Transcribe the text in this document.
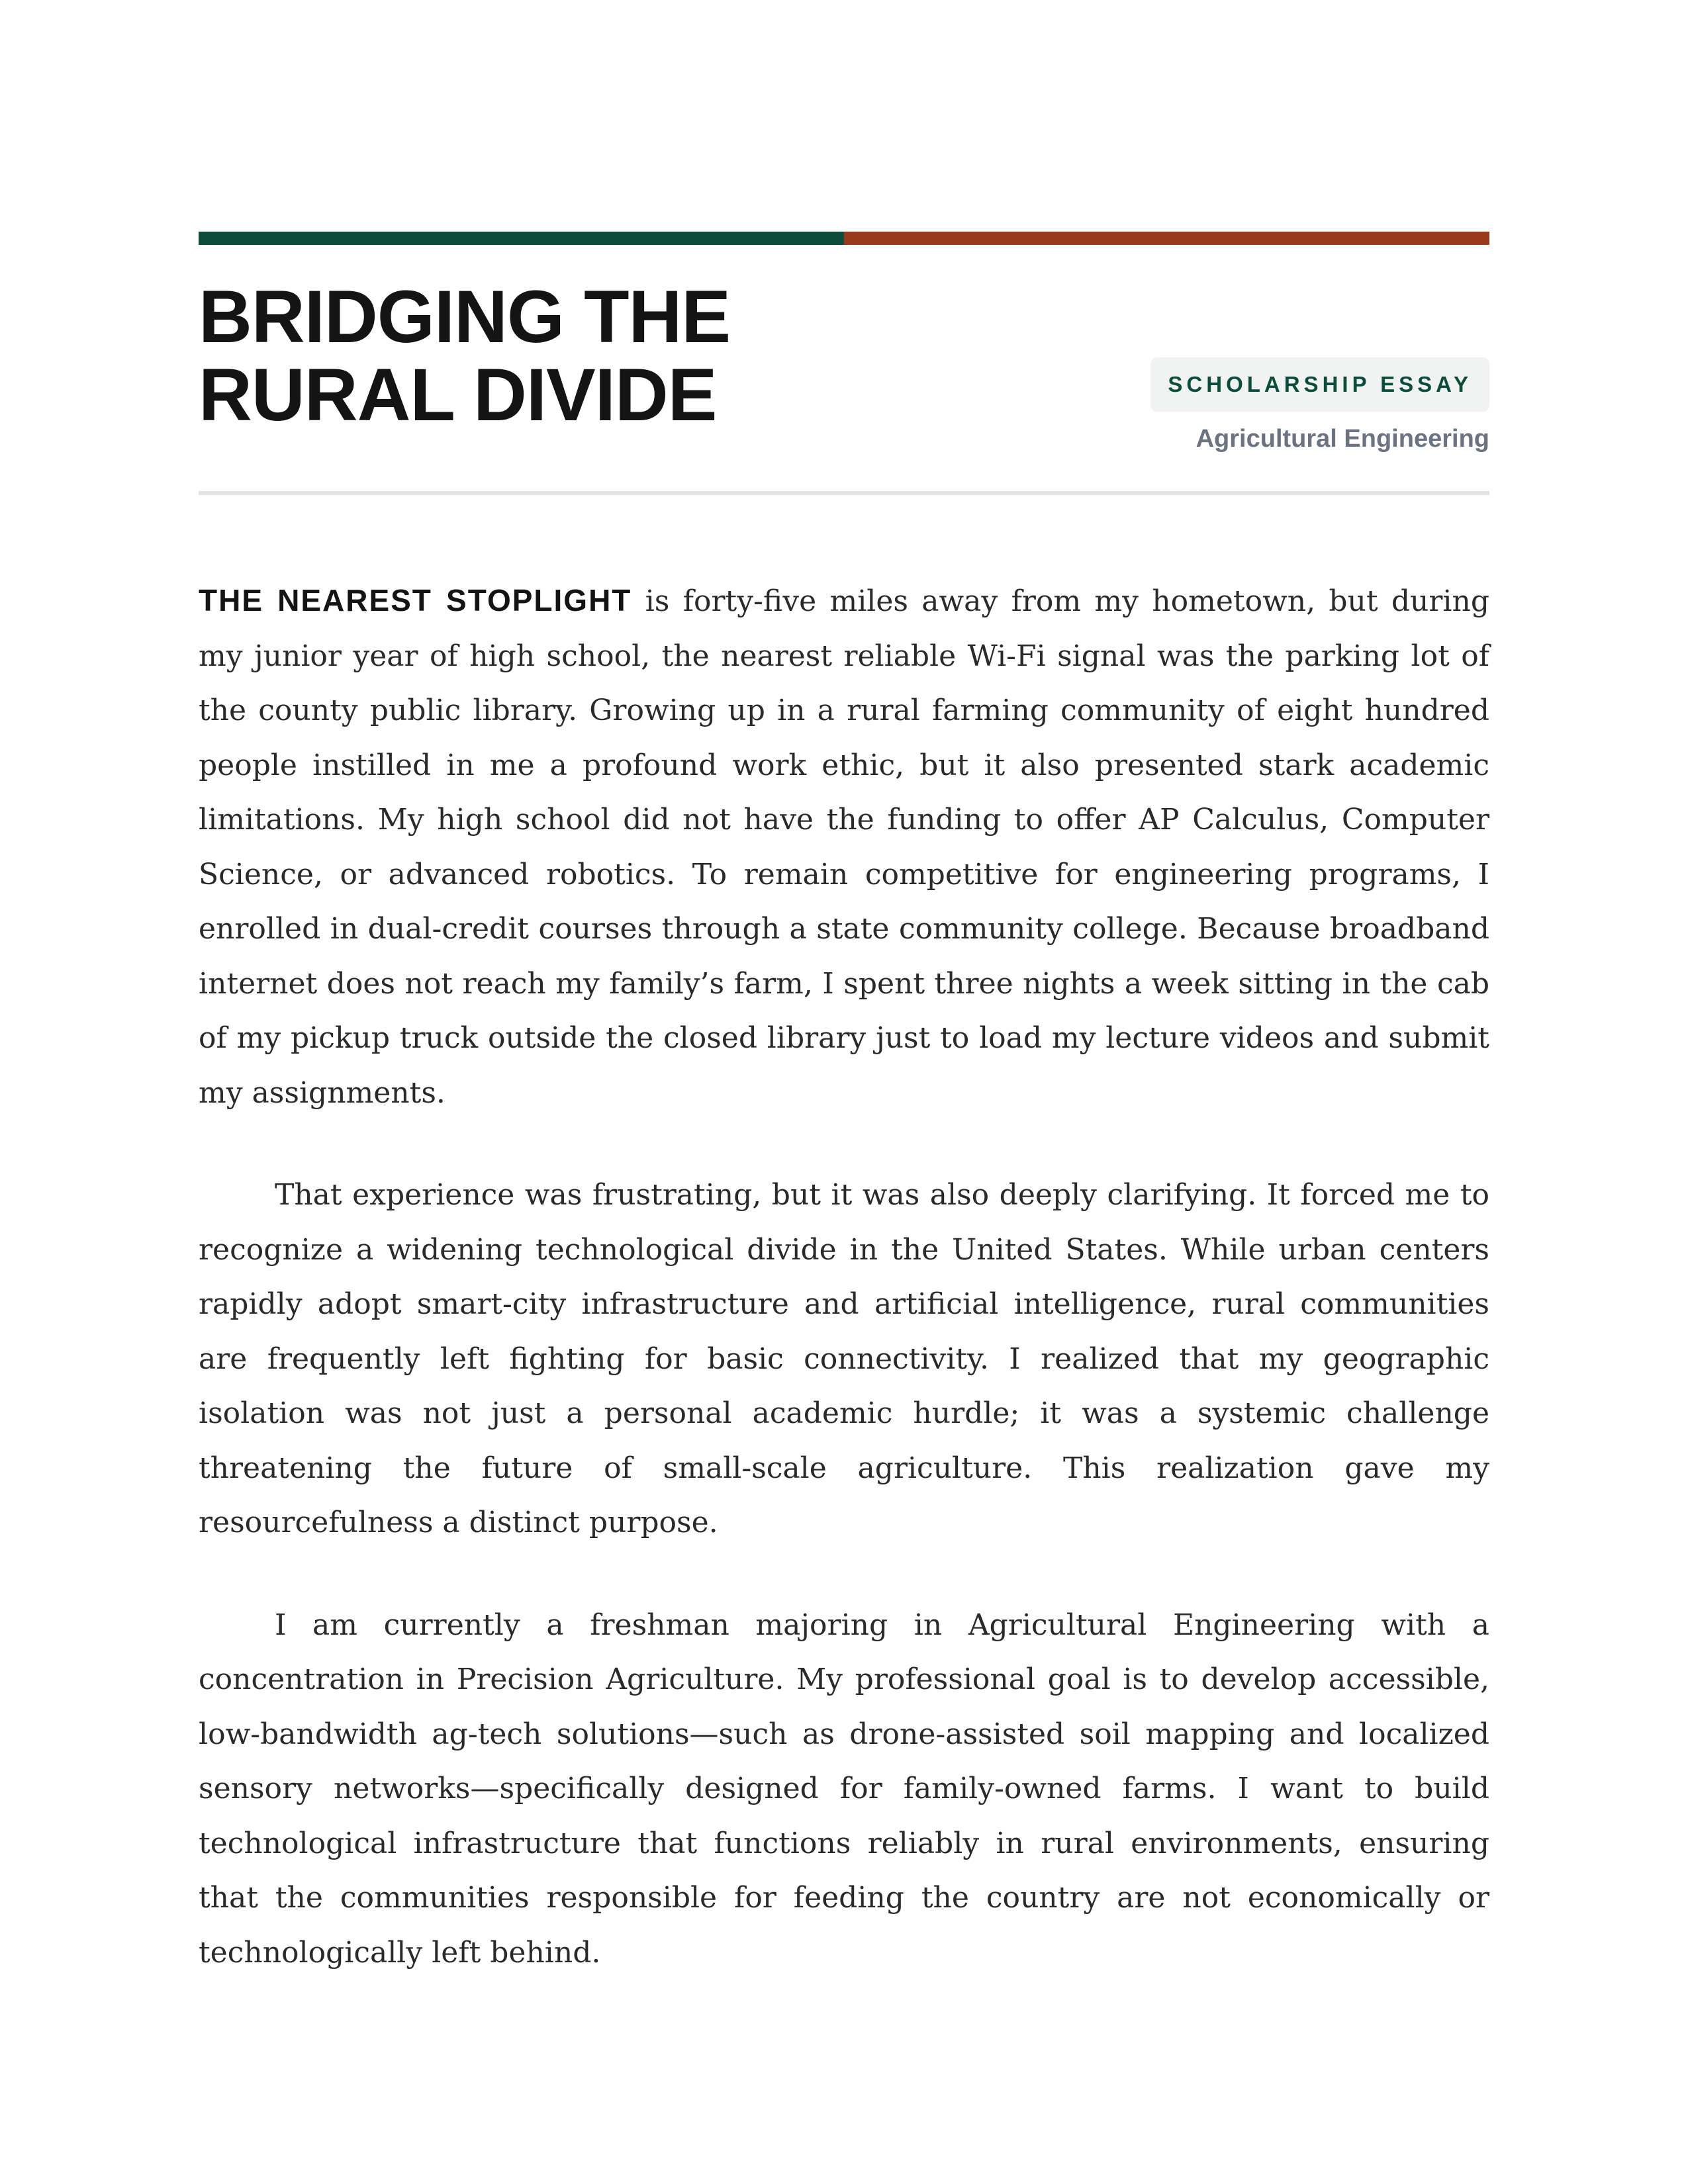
BRIDGING THE
RURAL DIVIDE	SCHOLARSHIP ESSAY
Agricultural Engineering

THE NEAREST STOPLIGHT is forty-five miles away from my hometown, but during my junior year of high school, the nearest reliable Wi-Fi signal was the parking lot of the county public library. Growing up in a rural farming community of eight hundred people instilled in me a profound work ethic, but it also presented stark academic limitations. My high school did not have the funding to offer AP Calculus, Computer Science, or advanced robotics. To remain competitive for engineering programs, I enrolled in dual-credit courses through a state community college. Because broadband internet does not reach my family’s farm, I spent three nights a week sitting in the cab of my pickup truck outside the closed library just to load my lecture videos and submit my assignments.

That experience was frustrating, but it was also deeply clarifying. It forced me to recognize a widening technological divide in the United States. While urban centers rapidly adopt smart-city infrastructure and artificial intelligence, rural communities are frequently left fighting for basic connectivity. I realized that my geographic isolation was not just a personal academic hurdle; it was a systemic challenge threatening the future of small-scale agriculture. This realization gave my resourcefulness a distinct purpose.

I am currently a freshman majoring in Agricultural Engineering with a concentration in Precision Agriculture. My professional goal is to develop accessible, low-bandwidth ag-tech solutions—such as drone-assisted soil mapping and localized sensory networks—specifically designed for family-owned farms. I want to build technological infrastructure that functions reliably in rural environments, ensuring that the communities responsible for feeding the country are not economically or technologically left behind.
